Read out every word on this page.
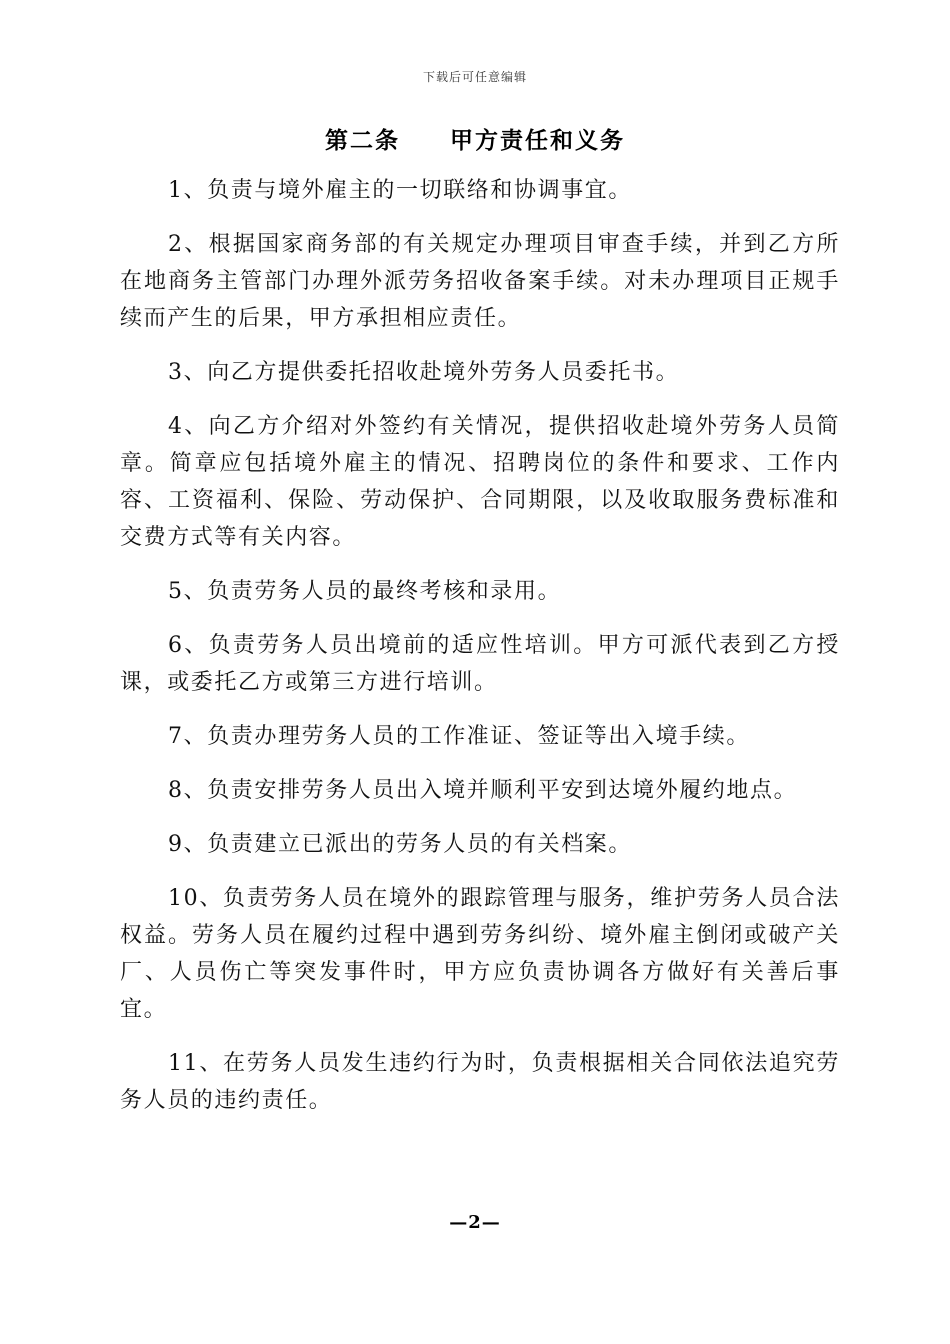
下载后可任意编辑
第二条　　甲方责任和义务

1、负责与境外雇主的一切联络和协调事宜。

2、根据国家商务部的有关规定办理项目审查手续，并到乙方所在地商务主管部门办理外派劳务招收备案手续。对未办理项目正规手续而产生的后果，甲方承担相应责任。

3、向乙方提供委托招收赴境外劳务人员委托书。

4、向乙方介绍对外签约有关情况，提供招收赴境外劳务人员简章。简章应包括境外雇主的情况、招聘岗位的条件和要求、工作内容、工资福利、保险、劳动保护、合同期限，以及收取服务费标准和交费方式等有关内容。

5、负责劳务人员的最终考核和录用。

6、负责劳务人员出境前的适应性培训。甲方可派代表到乙方授课，或委托乙方或第三方进行培训。

7、负责办理劳务人员的工作准证、签证等出入境手续。

8、负责安排劳务人员出入境并顺利平安到达境外履约地点。

9、负责建立已派出的劳务人员的有关档案。

10、负责劳务人员在境外的跟踪管理与服务，维护劳务人员合法权益。劳务人员在履约过程中遇到劳务纠纷、境外雇主倒闭或破产关厂、人员伤亡等突发事件时，甲方应负责协调各方做好有关善后事宜。

11、在劳务人员发生违约行为时，负责根据相关合同依法追究劳务人员的违约责任。

—2—
